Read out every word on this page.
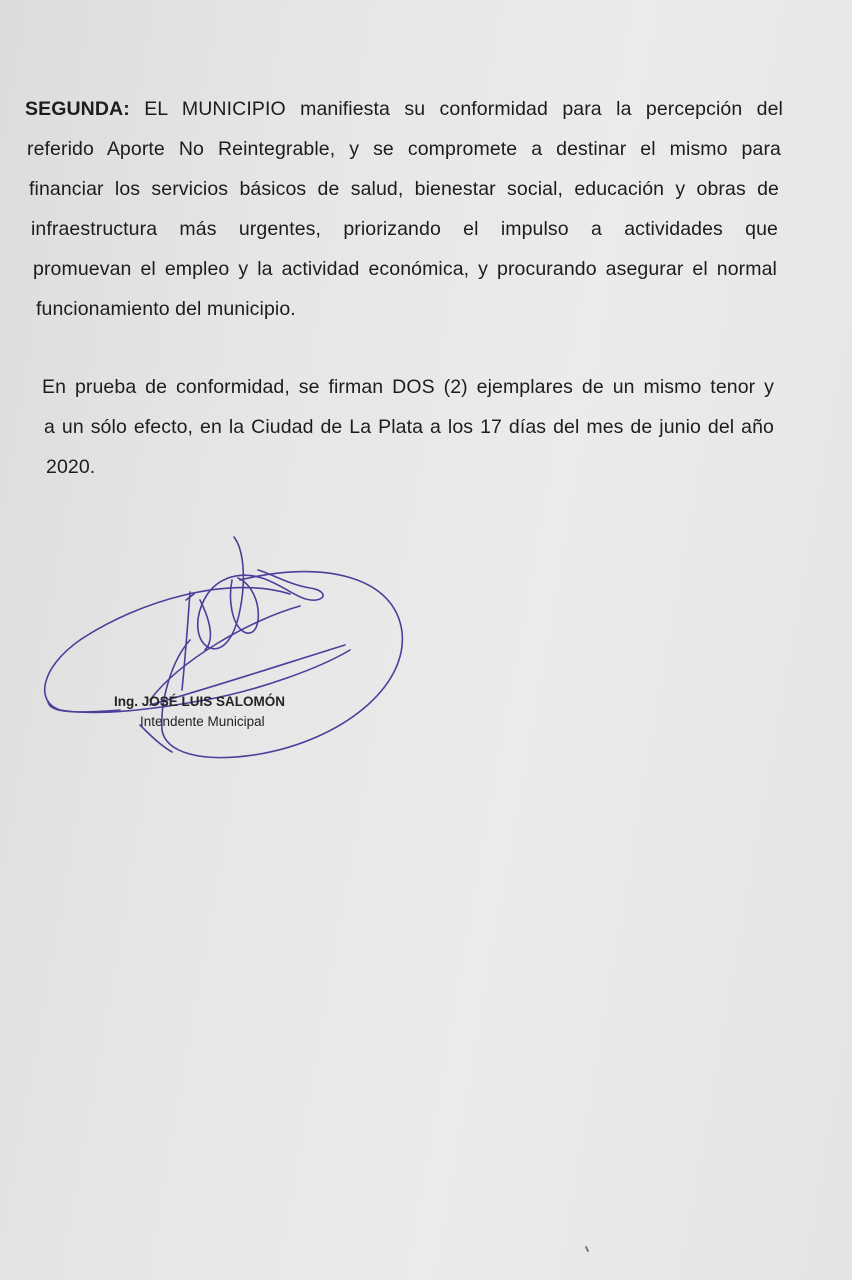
SEGUNDA: EL MUNICIPIO manifiesta su conformidad para la percepción del
referido Aporte No Reintegrable, y se compromete a destinar el mismo para
financiar los servicios básicos de salud, bienestar social, educación y obras de
infraestructura más urgentes, priorizando el impulso a actividades que
promuevan el empleo y la actividad económica, y procurando asegurar el normal
funcionamiento del municipio.
En prueba de conformidad, se firman DOS (2) ejemplares de un mismo tenor y
a un sólo efecto, en la Ciudad de La Plata a los 17 días del mes de junio del año
2020.
Ing. JOSÉ LUIS SALOMÓN
Intendente Municipal
